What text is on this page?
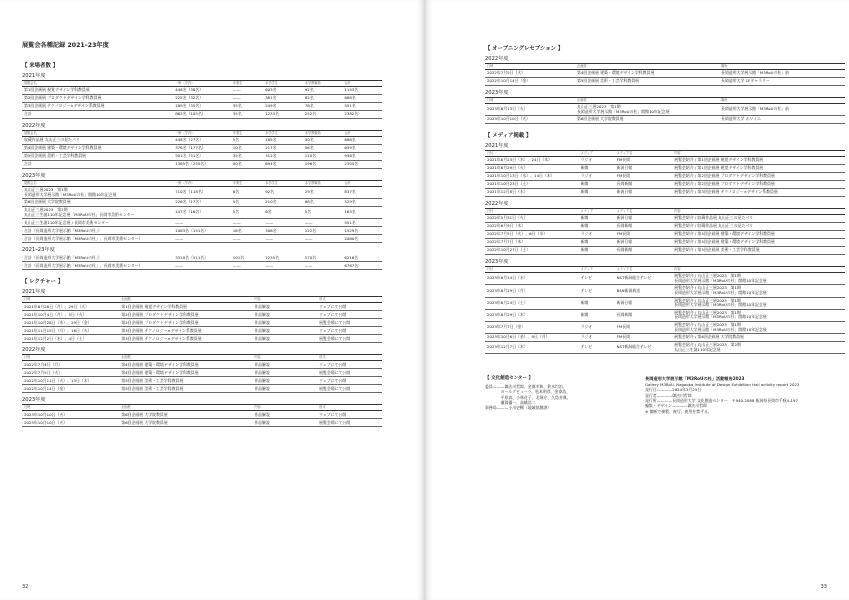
展覧会各種記録 2021–23年度
【 来場者数 】
2021年度
展覧会名	一般（学内）	卒業生	本学学生	本学教職員	合計
第1回企画展 視覚デザイン学科教員展	448名（38名）	——	603名	92名	1143名
第2回企画展 プロダクトデザイン学科教員展	225名（32名）	——	381名	82名	688名
第3回企画展 テクノロジー×デザイン系教員展	189名（35名）	35名	249名	78名	551名
合計	862名（105名）	35名	1233名	252名	2382名
2022年度
展覧会名	一般（学内）	卒業生	本学学生	本学教職員	合計
収蔵作品展 丸山正三の見たパリ	448名（27名）	5名	165名	30名	688名
第4回企画展 建築・環境デザイン学科教員展	376名（177名）	10名	217名	56名	659名
第5回企画展 美術・工芸学科教員展	501名（51名）	35名	312名	110名	958名
合計	1365名（255名）	50名	694名	196名	2305名
2023年度
展覧会名	一般（学内）	卒業生	本学学生	本学教職員	合計
丸山正三展2023　第1期
長岡造形大学展示館「M3RoUの杜」開館10年記念展	710名（118名）	6名	92名	29名	837名
第6回企画展 大学院教員展	226名（17名）	5名	210名	88名	529名
丸山正三展2023　第2期
丸山正三生誕110年記念展「M3RoUの杜」長岡市美術センター	147名（16名）	5名	6名	5名	163名
丸山正三生誕110年記念展 / 長岡市美術センター	——	——	——	——	551名
合計（長岡造形大学展示館「M3RoUの杜」）	1083名（151名）	16名	308名	122名	1529名
合計（長岡造形大学展示館「M3RoUの杜」、長岡市美術センター）	——	——	——	——	2080名
2021–23年度
合計（長岡造形大学展示館「M3RoUの杜」）	3310名（511名）	101名	2235名	570名	6216名
合計（長岡造形大学展示館「M3RoUの杜」、長岡市美術センター）	——	——	——	——	6767名
【 レクチャー 】
2021年度
日時	企画展	内容	形式
2021年6月28日（月）、29日（火）	第1回企画展 視覚デザイン学科教員展	作品解説	ウェブにて公開
2021年10月4日（月）、5日（火）	第2回企画展 プロダクトデザイン学科教員展	作品解説	ウェブにて公開
2021年10月28日（木）、29日（金）	第2回企画展 プロダクトデザイン学科教員展	作品解説	展覧会場にて公開
2021年11月15日（月）、16日（火）	第3回企画展 テクノロジー×デザイン系教員展	作品解説	ウェブにて公開
2021年12月2日（木）、4日（土）	第3回企画展 テクノロジー×デザイン系教員展	作品解説	展覧会場にて公開
2022年度
日時	企画展	内容	形式
2022年7月4日（月）	第4回企画展 建築・環境デザイン学科教員展	作品解説	ウェブにて公開
2022年7月5日（火）	第4回企画展 建築・環境デザイン学科教員展	作品解説	展覧会場にて公開
2022年10月11日（火）、13日（木）	第5回企画展 美術・工芸学科教員展	作品解説	ウェブにて公開
2022年10月14日（金）	第5回企画展 美術・工芸学科教員展	作品解説	展覧会場にて公開
2023年度
日時	企画展	内容	形式
2023年10月10日（火）	第6回企画展 大学院教員展	作品解説	ウェブにて公開
2023年10月10日（火）	第6回企画展 大学院教員展	作品解説	展覧会場にて公開
32
【 オープニングレセプション 】
2022年度
日時	企画展	場所
2022年7月5日（火）	第4回企画展 建築・環境デザイン学科教員展	長岡造形大学展示館「M3RoUの杜」前
2022年10月14日（金）	第5回企画展 美術・工芸学科教員展	長岡造形大学 1Fギャラリー
2023年度
日時	企画展	場所
2023年6月13日（火）	丸山正三展2023　第1期
長岡造形大学展示館「M3RoUの杜」開館10年記念展	長岡造形大学展示館「M3RoUの杜」前
2023年10月10日（火）	第6回企画展 大学院教員展	長岡造形大学 ホワイエ
【 メディア掲載 】
2021年度
日付	メディア	メディア名	内容
2021年6月23日（水）、24日（木）	ラジオ	FM長岡	展覧会紹介 / 第1回企画展 視覚デザイン学科教員展
2021年6月29日（火）	新聞	新潟日報	展覧会紹介 / 第1回企画展 視覚デザイン学科教員展
2021年10月13日（水）、14日（木）	ラジオ	FM長岡	展覧会紹介 / 第2回企画展 プロダクトデザイン学科教員展
2021年10月23日（土）	新聞	長岡新聞	展覧会紹介 / 第2回企画展 プロダクトデザイン学科教員展
2021年12月8日（水）	新聞	新潟日報	展覧会紹介 / 第3回企画展 テクノロジー×デザイン系教員展
2022年度
日付	メディア	メディア名	内容
2022年5月31日（火）	新聞	新潟日報	展覧会紹介 / 収蔵作品展 丸山正三の見たパリ
2022年6月9日（木）	新聞	長岡新聞	展覧会紹介 / 収蔵作品展 丸山正三の見たパリ
2022年7月5日（火）、6日（水）	ラジオ	FM長岡	展覧会紹介 / 第4回企画展 建築・環境デザイン学科教員展
2022年7月7日（木）	新聞	新潟日報	展覧会紹介 / 第4回企画展 建築・環境デザイン学科教員展
2022年10月27日（土）	新聞	長岡新聞	展覧会紹介 / 第5回企画展 美術・工芸学科教員展
2023年度
日付	メディア	メディア名	内容
2023年6月14日（水）	テレビ	NST新潟総合テレビ	展覧会紹介 / 丸山正三展2023　第1期
長岡造形大学展示館「M3RoUの杜」開館10年記念展
2023年6月19日（月）	テレビ	BSN新潟放送	展覧会紹介 / 丸山正三展2023　第1期
長岡造形大学展示館「M3RoUの杜」開館10年記念展
2023年6月24日（土）	新聞	新潟日報	展覧会紹介 / 丸山正三展2023　第1期
長岡造形大学展示館「M3RoUの杜」開館10年記念展
2023年6月29日（木）	新聞	長岡新聞	展覧会紹介 / 丸山正三展2023　第1期
長岡造形大学展示館「M3RoUの杜」開館10年記念展
2023年7月7日（金）	ラジオ	FM長岡	展覧会紹介 / 丸山正三展2023　第1期
長岡造形大学展示館「M3RoUの杜」開館10年記念展
2023年10月6日（金）、9日（月）	ラジオ	FM長岡	展覧会紹介 / 第6回企画展 大学院教員展
2023年12月7日（木）	テレビ	NST新潟総合テレビ	展覧会紹介 / 丸山正三展2023　第2期
丸山正三生誕110年記念展
【 文化創造センター 】

委員———御法川哲郎、金澤幸和、鈴木均治、

　　　　ヨールグビューラ、松本明彦、金泰浩、

　　　　平原真、小林花子、北堀介、久島芳典、

　　　　瀬賀優一、高橋浩二

事務局———小川史暢（地域協創課）

長岡造形大学展示館「M3RoUの杜」活動報告2023

Gallery M3RoU, Nagaoka Institute of Design Exhibition Hall activity report 2023

発行日————2024年3月25日

発行者————御法川哲郎

発行所————長岡造形大学 文化創造センター　〒940-2088 新潟県長岡市千秋4-197

編集・デザイン————御法川哲郎

※ 無断で複製、複写、使用を禁ずる。

33
